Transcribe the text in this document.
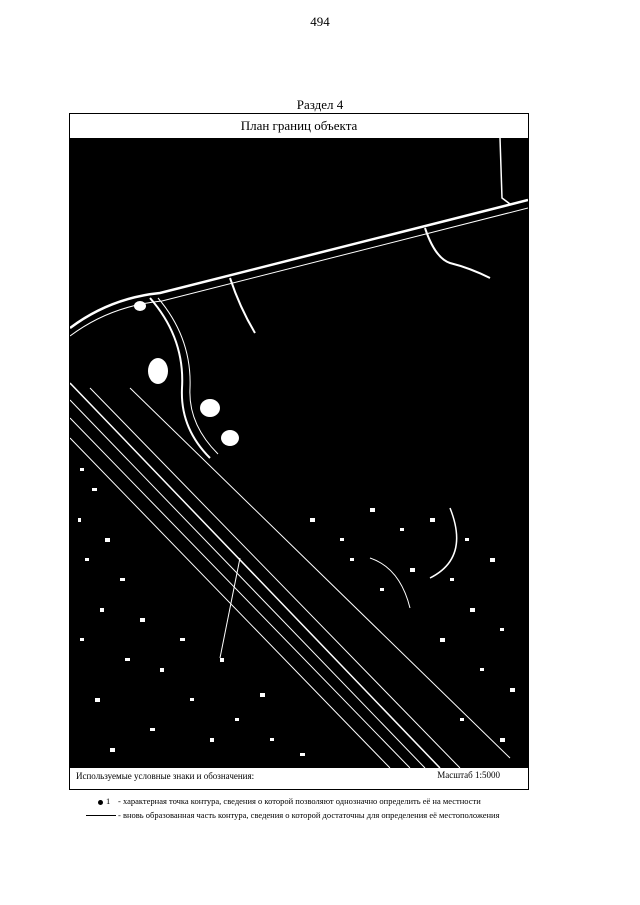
494
Раздел 4
План границ объекта
Используемые условные знаки и обозначения:	Масштаб 1:5000
1 - характерная точка контура, сведения о которой позволяют однозначно определить её на местности
- вновь образованная часть контура, сведения о которой достаточны для определения её местоположения
